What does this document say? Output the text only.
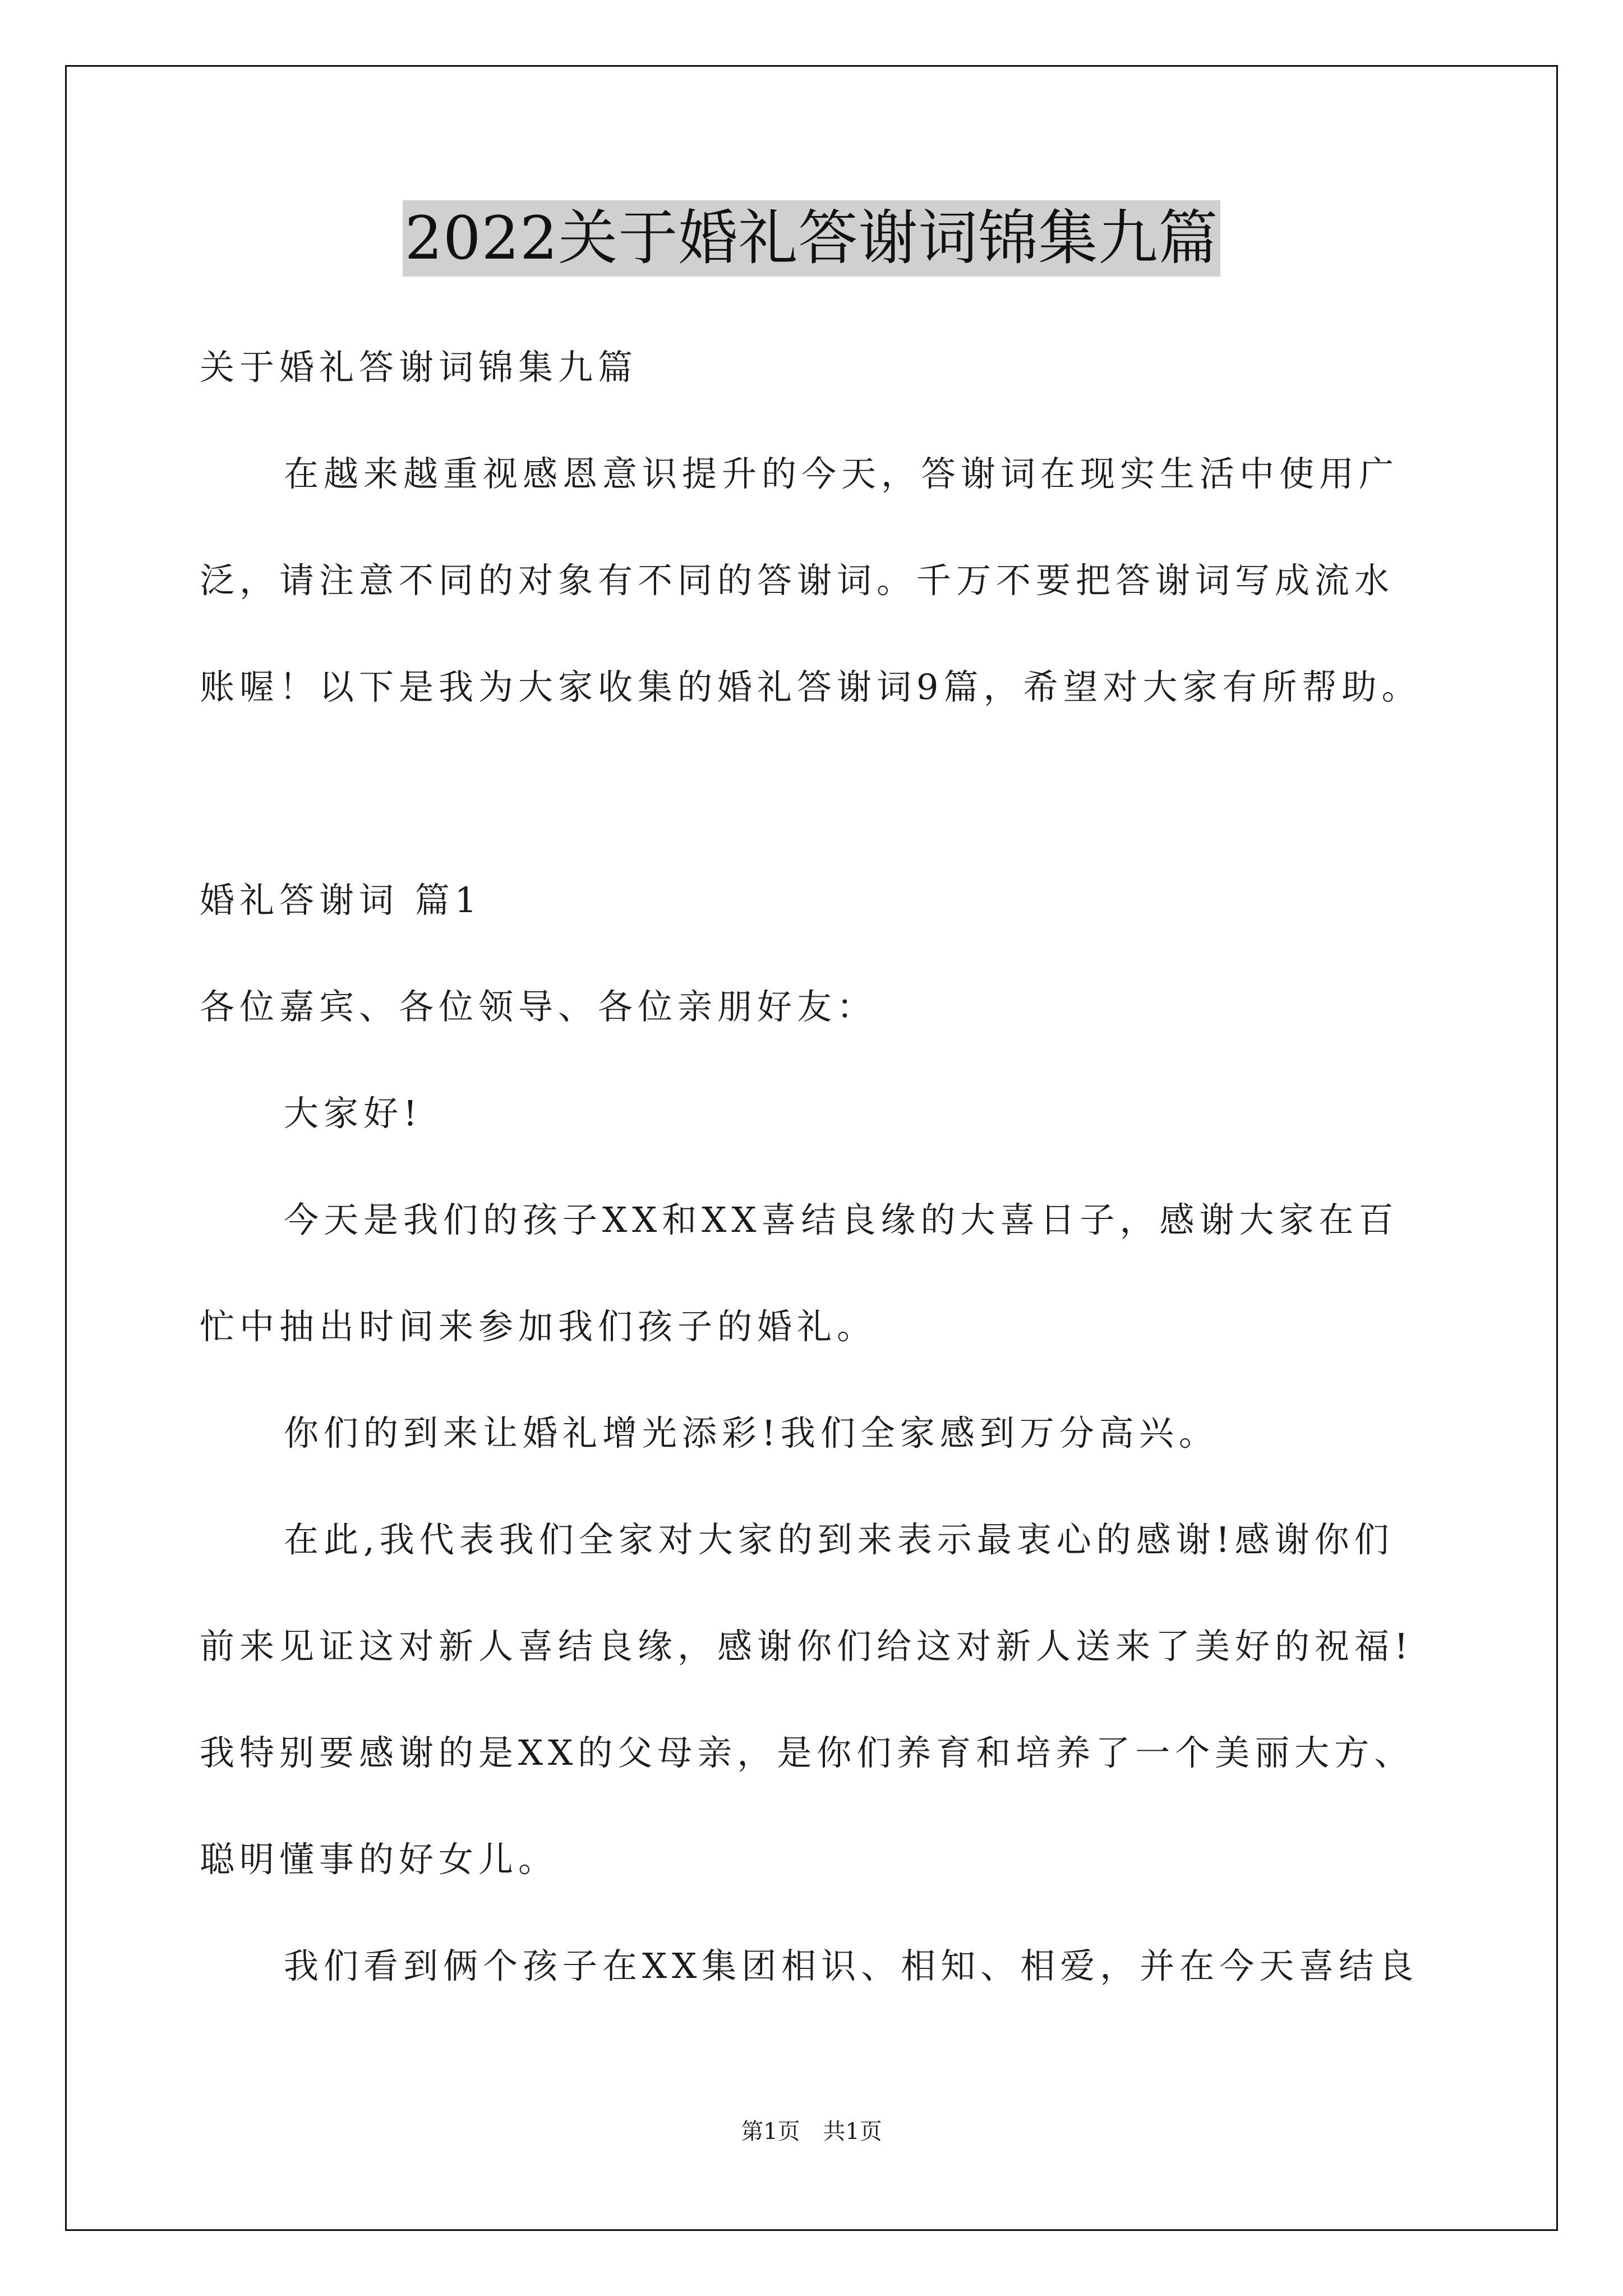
2022关于婚礼答谢词锦集九篇
关于婚礼答谢词锦集九篇
在越来越重视感恩意识提升的今天，答谢词在现实生活中使用广
泛，请注意不同的对象有不同的答谢词。千万不要把答谢词写成流水
账喔！以下是我为大家收集的婚礼答谢词9篇，希望对大家有所帮助。
婚礼答谢词 篇1
各位嘉宾、各位领导、各位亲朋好友：
大家好!
今天是我们的孩子XX和XX喜结良缘的大喜日子，感谢大家在百
忙中抽出时间来参加我们孩子的婚礼。
你们的到来让婚礼增光添彩!我们全家感到万分高兴。
在此,我代表我们全家对大家的到来表示最衷心的感谢!感谢你们
前来见证这对新人喜结良缘，感谢你们给这对新人送来了美好的祝福!
我特别要感谢的是XX的父母亲，是你们养育和培养了一个美丽大方、
聪明懂事的好女儿。
我们看到俩个孩子在XX集团相识、相知、相爱，并在今天喜结良
第1页 共1页
